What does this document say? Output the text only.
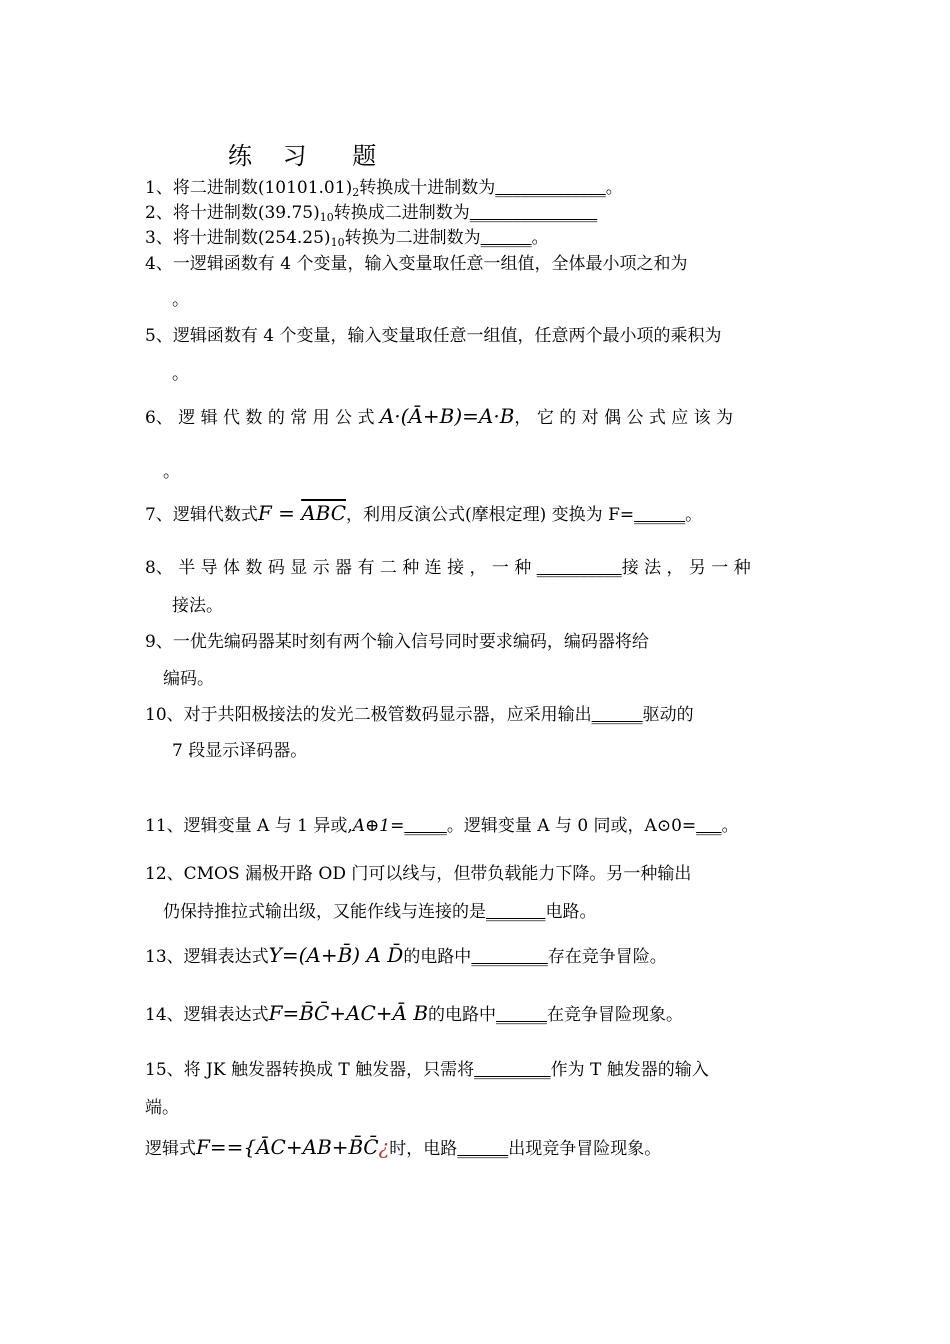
练    习      题
1、将二进制数$(10101.01)_2$转换成十进制数为_____________。
2、将十进制数$(39.75)_{10}$转换成二进制数为_______________
3、将十进制数$(254.25)_{10}$转换为二进制数为______。
4、一逻辑函数有 4 个变量，输入变量取任意一组值，全体最小项之和为
。
5、逻辑函数有 4 个变量，输入变量取任意一组值，任意两个最小项的乘积为
。
6、 逻 辑 代 数 的 常 用 公 式 A·(Ā+B)=A·B， 它 的 对 偶 公 式 应 该 为
。
7、逻辑代数式$F = \overline{ABC}$，利用反演公式(摩根定理) 变换为 F=______。
8、 半 导 体 数 码 显 示 器 有 二 种 连 接 ， 一 种 __________接 法 ， 另 一 种
接法。
9、一优先编码器某时刻有两个输入信号同时要求编码，编码器将给
编码。
10、对于共阳极接法的发光二极管数码显示器，应采用输出______驱动的
7 段显示译码器。
11、逻辑变量 A 与 1 异或,A⊕1=_____。逻辑变量 A 与 0 同或，A⊙0=___。
12、CMOS 漏极开路 OD 门可以线与，但带负载能力下降。另一种输出
仍保持推拉式输出级，又能作线与连接的是_______电路。
13、逻辑表达式Y=(A+B̄) A D̄的电路中_________存在竞争冒险。
14、逻辑表达式F=B̄C̄+AC+Ā B的电路中______在竞争冒险现象。
15、将 JK 触发器转换成 T 触发器，只需将_________作为 T 触发器的输入
端。
逻辑式F=={ĀC+AB+B̄C̄¿时，电路______出现竞争冒险现象。
